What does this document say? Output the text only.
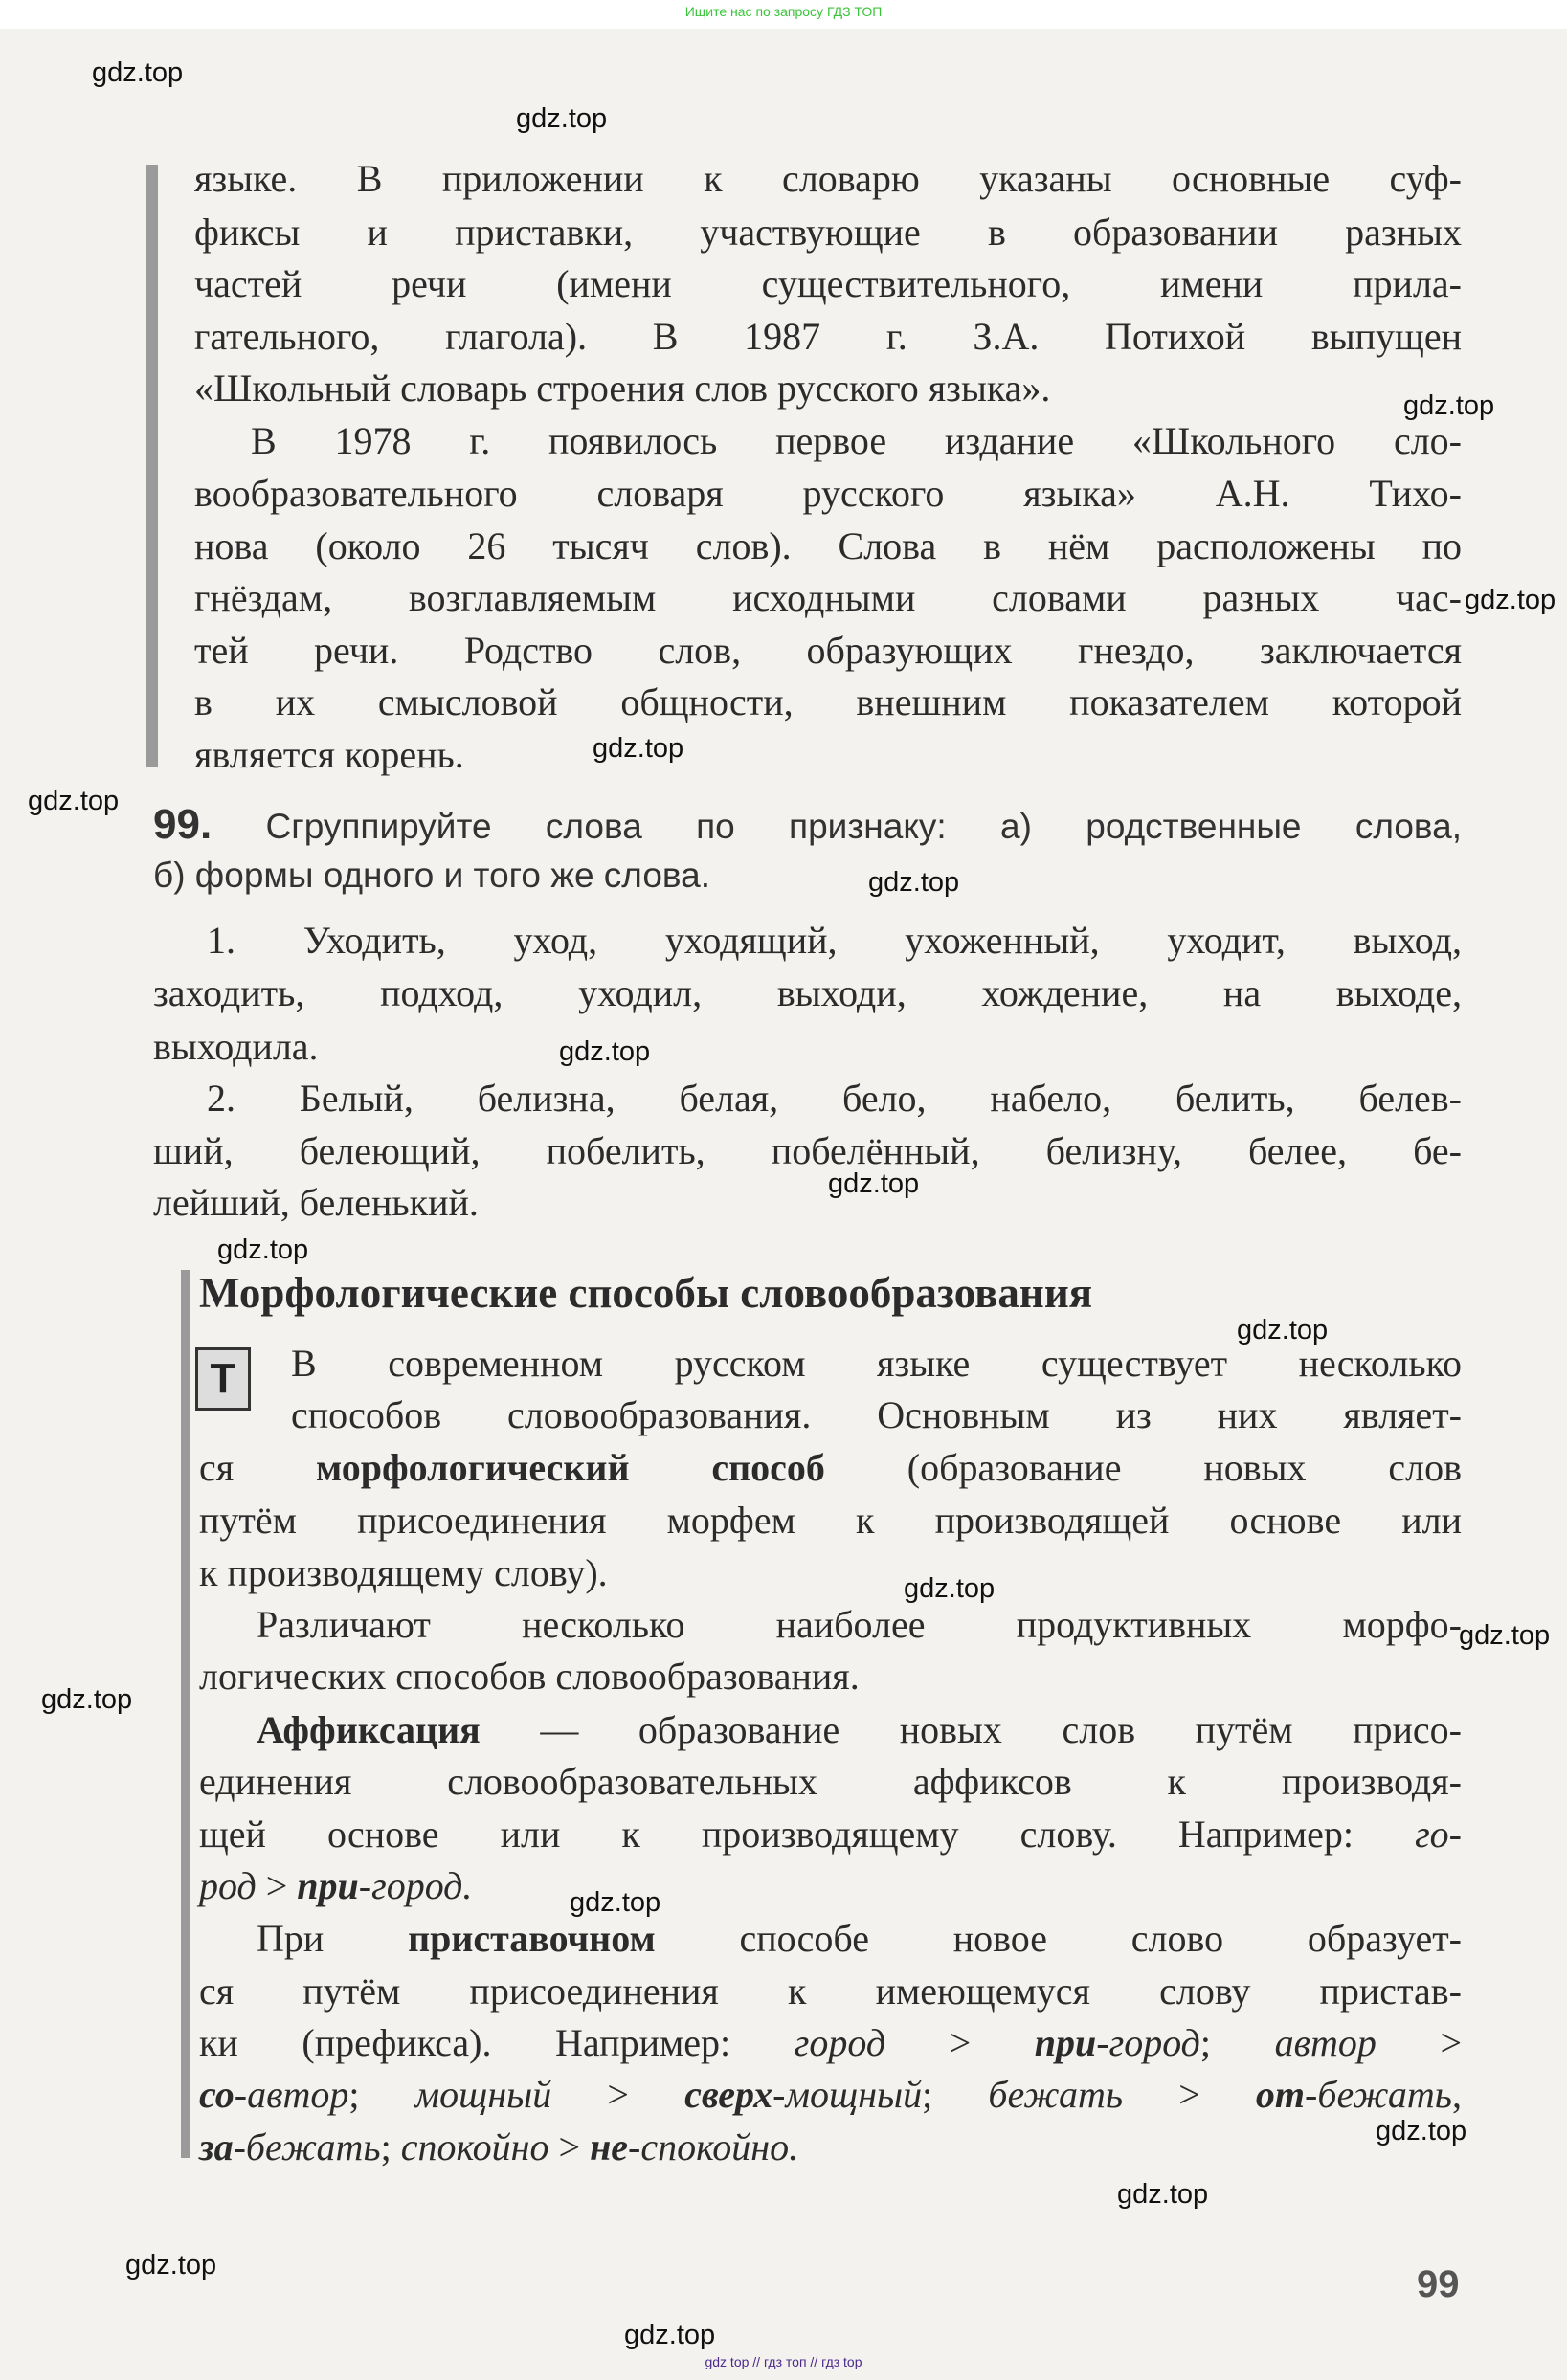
Ищите нас по запросу ГДЗ ТОП
языке. В приложении к словарю указаны основные суф-
фиксы и приставки, участвующие в образовании разных
частей речи (имени существительного, имени прила-
гательного, глагола). В 1987 г. З.А. Потихой выпущен
«Школьный словарь строения слов русского языка».
В 1978 г. появилось первое издание «Школьного сло-
вообразовательного словаря русского языка» А.Н. Тихо-
нова (около 26 тысяч слов). Слова в нём расположены по
гнёздам, возглавляемым исходными словами разных час-
тей речи. Родство слов, образующих гнездо, заключается
в их смысловой общности, внешним показателем которой
является корень.
99. Сгруппируйте слова по признаку: а) родственные слова,
б) формы одного и того же слова.
1. Уходить, уход, уходящий, ухоженный, уходит, выход,
заходить, подход, уходил, выходи, хождение, на выходе,
выходила.
2. Белый, белизна, белая, бело, набело, белить, белев-
ший, белеющий, побелить, побелённый, белизну, белее, бе-
лейший, беленький.
Морфологические способы словообразования
В современном русском языке существует несколько
способов словообразования. Основным из них являет-
ся морфологический способ (образование новых слов
путём присоединения морфем к производящей основе или
к производящему слову).
Различают несколько наиболее продуктивных морфо-
логических способов словообразования.
Аффиксация — образование новых слов путём присо-
единения словообразовательных аффиксов к производя-
щей основе или к производящему слову. Например: го-
род > при-город.
При приставочном способе новое слово образует-
ся путём присоединения к имеющемуся слову пристав-
ки (префикса). Например: город > при-город; автор >
со-автор; мощный > сверх-мощный; бежать > от-бежать,
за-бежать; спокойно > не-спокойно.
Т
99
gdz.top
gdz.top
gdz.top
gdz.top
gdz.top
gdz.top
gdz.top
gdz.top
gdz.top
gdz.top
gdz.top
gdz.top
gdz.top
gdz.top
gdz.top
gdz.top
gdz.top
gdz.top
gdz.top
gdz top // гдз топ // гдз top
